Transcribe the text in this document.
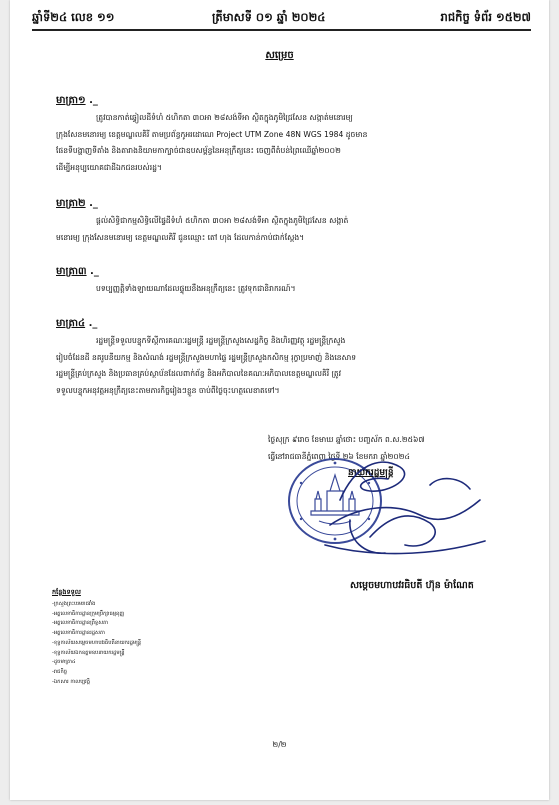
ឆ្នាំទី២៤ លេខ ១១	ត្រីមាសទី ០១ ឆ្នាំ ២០២៤	រាជកិច្ច ទំព័រ ១៥២៧
សម្រេច
មាត្រា១ ._
ត្រូវបានកាត់ឆ្វៀលដីទំហំ ៥ហិកតា ៣០អា ២៨សង់ទីអា ស្ថិតក្នុងភូមិជ្រៃសែន សង្កាត់មនោរម្យ
ក្រុងសែនមនោរម្យ ខេត្តមណ្ឌលគិរី តាមប្រព័ន្ធកូអរដោណេ Project UTM Zone 48N WGS 1984 ដូចមាន
ផែនទីបង្ហាញទីតាំង និងតារាងនិយាមកាក្បាច់ជាឧបសម្ព័ន្ធនៃអនុក្រឹត្យនេះ ចេញពីតំបន់ព្រៃឈើឆ្នាំ២០០២
ដើម្បីអនុប្បយោគជាដីឯកជនរបស់រដ្ឋ។
មាត្រា២ ._
ផ្តល់សិទ្ធិជាកម្មសិទ្ធិលើផ្ទៃដីទំហំ ៥ហិកតា ៣០អា ២៨សង់ទីអា ស្ថិតក្នុងភូមិជ្រៃសែន សង្កាត់
មនោរម្យ ក្រុងសែនមនោរម្យ ខេត្តមណ្ឌលគិរី ជូនឈ្មោះ តៅ ហុង ដែលកាន់កាប់ជាក់ស្តែង។
មាត្រា៣ ._
បទប្បញ្ញត្តិទាំងឡាយណាដែលផ្ទុយនឹងអនុក្រឹត្យនេះ ត្រូវទុកជានិរាករណ៍។
មាត្រា៤ ._
រដ្ឋមន្ត្រីទទួលបន្ទុកទីស្តីការគណៈរដ្ឋមន្ត្រី រដ្ឋមន្ត្រីក្រសួងសេដ្ឋកិច្ច និងហិរញ្ញវត្ថុ រដ្ឋមន្ត្រីក្រសួង
រៀបចំដែនដី នគរូបនីយកម្ម និងសំណង់ រដ្ឋមន្ត្រីក្រសួងមហាផ្ទៃ រដ្ឋមន្ត្រីក្រសួងកសិកម្ម រុក្ខាប្រមាញ់ និងនេសាទ
រដ្ឋមន្ត្រីគ្រប់ក្រសួង និងប្រធានគ្រប់ស្ថាប័នដែលពាក់ព័ន្ធ និងអភិបាលនៃគណៈអភិបាលខេត្តមណ្ឌលគិរី ត្រូវ
ទទួលបន្ទុកអនុវត្តអនុក្រឹត្យនេះតាមភារកិច្ចរៀងៗខ្លួន ចាប់ពីថ្ងៃចុះហត្ថលេខាតទៅ។
ថ្ងៃសុក្រ ៩រោច ខែមាឃ ឆ្នាំថោះ បញ្ចស័ក ព.ស.២៥៦៧
ធ្វើនៅរាជធានីភ្នំពេញ ថ្ងៃទី ២៦ ខែមករា ឆ្នាំ២០២៤
នាយករដ្ឋមន្ត្រី
សម្តេចមហាបវរធិបតី ហ៊ុន ម៉ាណែត
កន្លែងទទួល
-ក្រសួងព្រះបរមរាជវាំង
-អគ្គលេខាធិការដ្ឋានក្រុមប្រឹក្សាធម្មនុញ្ញ
-អគ្គលេខាធិការដ្ឋានព្រឹទ្ធសភា
-អគ្គលេខាធិការដ្ឋានរដ្ឋសភា
-ខុទ្ទកាល័យសម្តេចមហាបវរធិបតីនាយករដ្ឋមន្ត្រី
-ខុទ្ទកាល័យឯកឧត្តមឧបនាយករដ្ឋមន្ត្រី
-ដូចមាត្រា៤
-រាជកិច្ច
-ឯកសារ កាលប្បវត្តិ
២/២
